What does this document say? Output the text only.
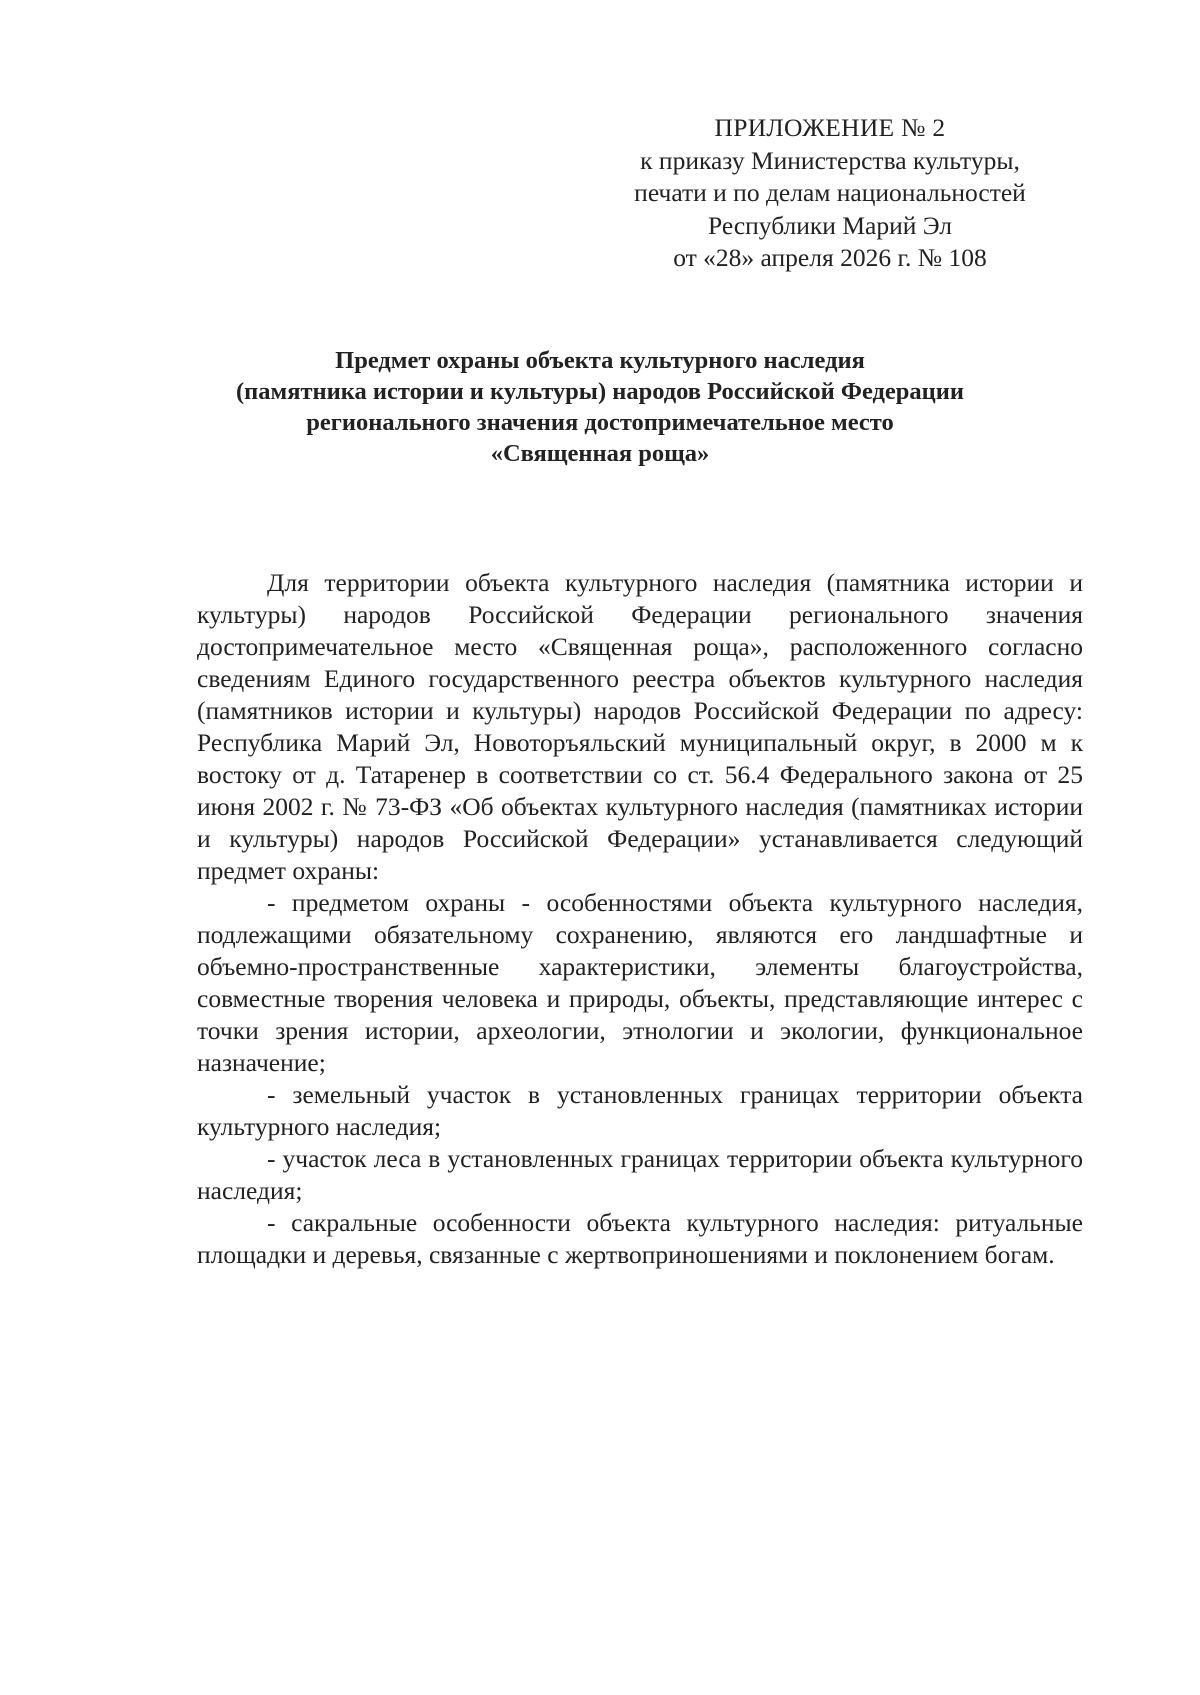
ПРИЛОЖЕНИЕ № 2
к приказу Министерства культуры,
печати и по делам национальностей
Республики Марий Эл
от «28» апреля 2026 г. № 108
Предмет охраны объекта культурного наследия
(памятника истории и культуры) народов Российской Федерации
регионального значения достопримечательное место
«Священная роща»

Для территории объекта культурного наследия (памятника истории и культуры) народов Российской Федерации регионального значения достопримечательное место «Священная роща», расположенного согласно сведениям Единого государственного реестра объектов культурного наследия (памятников истории и культуры) народов Российской Федерации по адресу: Республика Марий Эл, Новоторъяльский муниципальный округ, в 2000 м к востоку от д. Татаренер в соответствии со ст. 56.4 Федерального закона от 25 июня 2002 г. № 73-ФЗ «Об объектах культурного наследия (памятниках истории и культуры) народов Российской Федерации» устанавливается следующий предмет охраны:

- предметом охраны - особенностями объекта культурного наследия, подлежащими обязательному сохранению, являются его ландшафтные и объемно-пространственные характеристики, элементы благоустройства, совместные творения человека и природы, объекты, представляющие интерес с точки зрения истории, археологии, этнологии и экологии, функциональное назначение;

- земельный участок в установленных границах территории объекта культурного наследия;

- участок леса в установленных границах территории объекта культурного наследия;

- сакральные особенности объекта культурного наследия: ритуальные площадки и деревья, связанные с жертвоприношениями и поклонением богам.
